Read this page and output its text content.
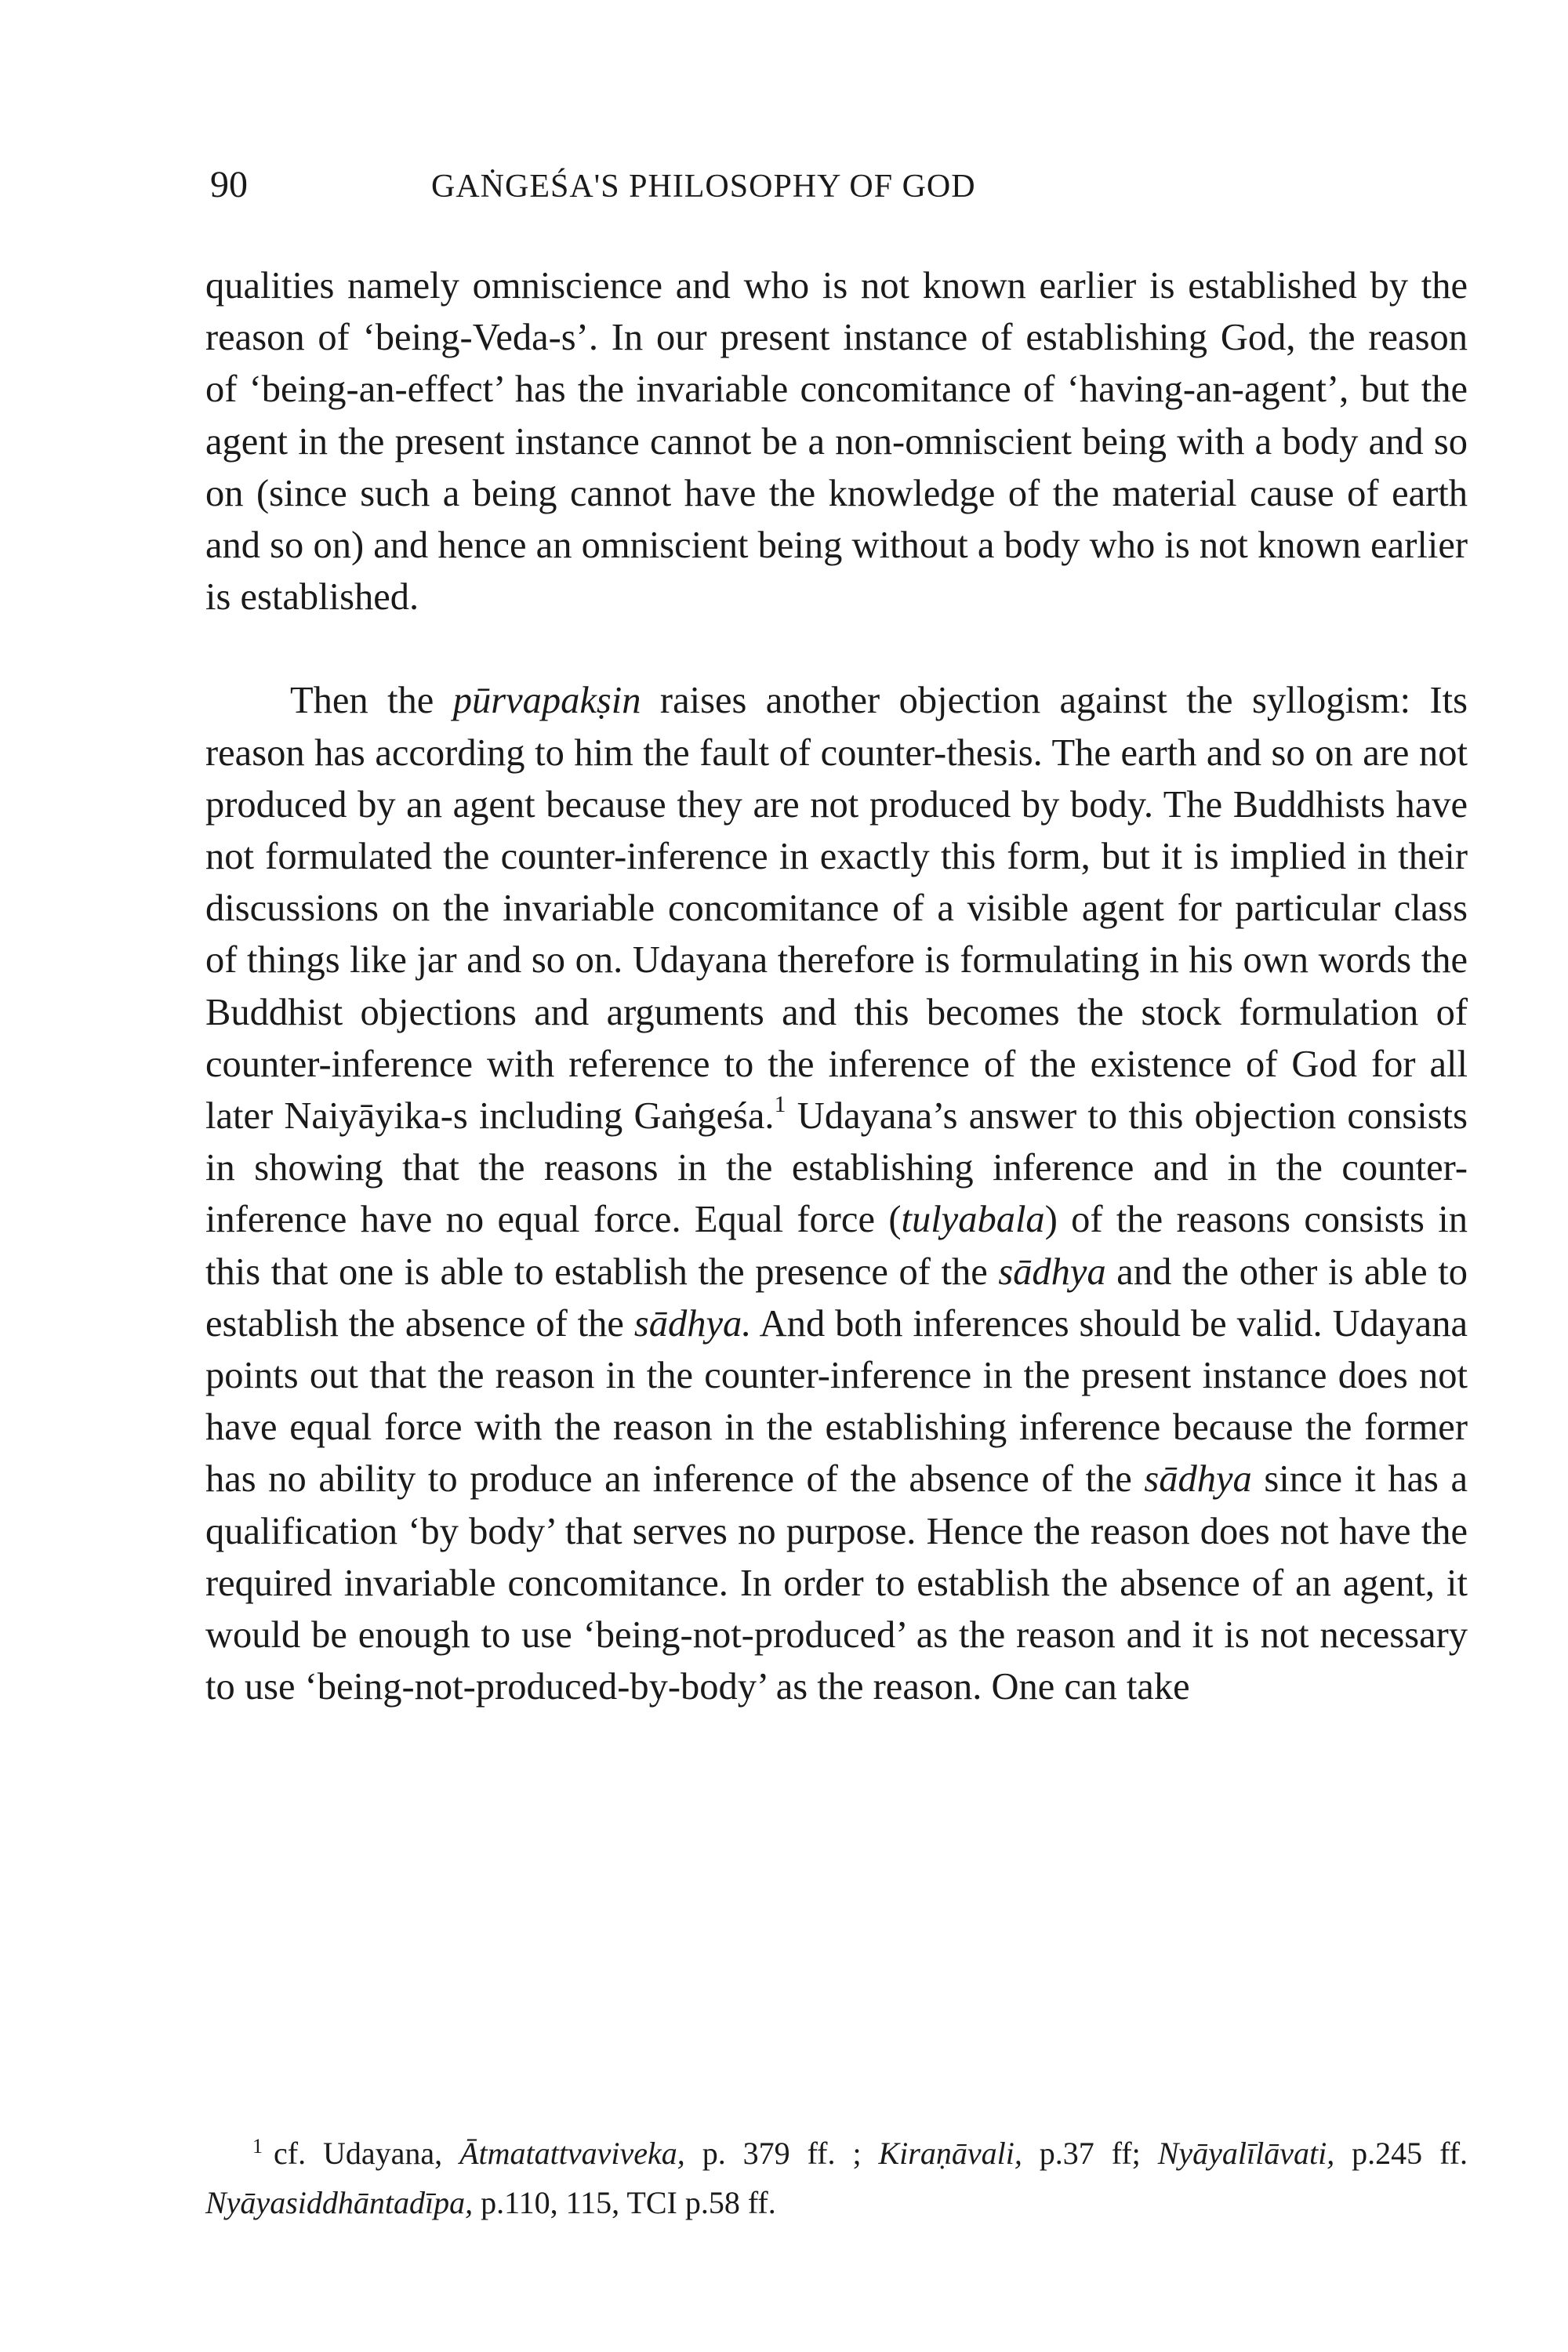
90	GAṄGEŚA'S PHILOSOPHY OF GOD

qualities namely omniscience and who is not known earlier is established by the reason of ‘being-Veda-s’. In our present instance of establishing God, the reason of ‘being-an-effect’ has the invariable concomitance of ‘having-an-agent’, but the agent in the present instance cannot be a non-omniscient being with a body and so on (since such a being cannot have the knowledge of the material cause of earth and so on) and hence an omniscient being without a body who is not known earlier is established.

Then the pūrvapakṣin raises another objection against the syllogism: Its reason has according to him the fault of counter-thesis. The earth and so on are not produced by an agent because they are not produced by body. The Buddhists have not formulated the counter-inference in exactly this form, but it is implied in their discussions on the invariable concomitance of a visible agent for particular class of things like jar and so on. Udayana therefore is formulating in his own words the Buddhist objections and arguments and this becomes the stock formulation of counter-inference with reference to the inference of the existence of God for all later Naiyāyika-s including Gaṅgeśa.$^1$ Udayana’s answer to this objection consists in showing that the reasons in the establishing inference and in the counter-inference have no equal force. Equal force (tulyabala) of the reasons consists in this that one is able to establish the presence of the sādhya and the other is able to establish the absence of the sādhya. And both inferences should be valid. Udayana points out that the reason in the counter-inference in the present instance does not have equal force with the reason in the establishing inference because the former has no ability to produce an inference of the absence of the sādhya since it has a qualification ‘by body’ that serves no purpose. Hence the reason does not have the required invariable concomitance. In order to establish the absence of an agent, it would be enough to use ‘being-not-produced’ as the reason and it is not necessary to use ‘being-not-produced-by-body’ as the reason. One can take

$^1$ cf. Udayana, Ātmatattvaviveka, p. 379 ff. ; Kiraṇāvali, p.37 ff; Nyāyalīlāvati, p.245 ff. Nyāyasiddhāntadīpa, p.110, 115, TCI p.58 ff.
